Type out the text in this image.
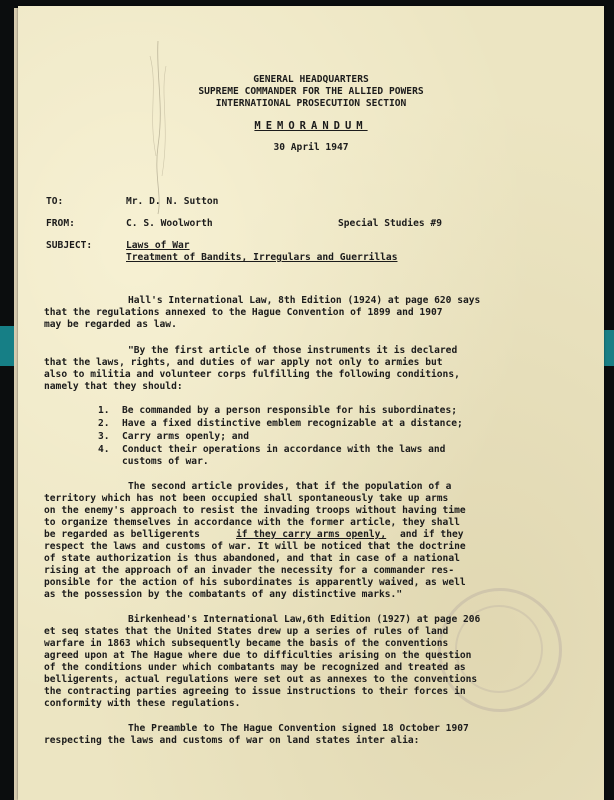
GENERAL HEADQUARTERS
SUPREME COMMANDER FOR THE ALLIED POWERS
INTERNATIONAL PROSECUTION SECTION
MEMORANDUM
30 April 1947
TO:	Mr. D. N. Sutton
FROM:	C. S. Woolworth	Special Studies #9
SUBJECT:	Laws of War
Treatment of Bandits, Irregulars and Guerrillas
Hall's International Law, 8th Edition (1924) at page 620 says
that the regulations annexed to the Hague Convention of 1899 and 1907
may be regarded as law.
"By the first article of those instruments it is declared
that the laws, rights, and duties of war apply not only to armies but
also to militia and volunteer corps fulfilling the following conditions,
namely that they should:
Be commanded by a person responsible for his subordinates;
Have a fixed distinctive emblem recognizable at a distance;
Carry arms openly; and
Conduct their operations in accordance with the laws and
customs of war.
The second article provides, that if the population of a
territory which has not been occupied shall spontaneously take up arms
on the enemy's approach to resist the invading troops without having time
to organize themselves in accordance with the former article, they shall
be regarded as belligerents	if they carry arms openly, and if they
respect the laws and customs of war. It will be noticed that the doctrine
of state authorization is thus abandoned, and that in case of a national
rising at the approach of an invader the necessity for a commander res-
ponsible for the action of his subordinates is apparently waived, as well
as the possession by the combatants of any distinctive marks."
Birkenhead's International Law,6th Edition (1927) at page 206
et seq states that the United States drew up a series of rules of land
warfare in 1863 which subsequently became the basis of the conventions
agreed upon at The Hague where due to difficulties arising on the question
of the conditions under which combatants may be recognized and treated as
belligerents, actual regulations were set out as annexes to the conventions
the contracting parties agreeing to issue instructions to their forces in
conformity with these regulations.
The Preamble to The Hague Convention signed 18 October 1907
respecting the laws and customs of war on land states inter alia:
1.
2.
3.
4.
